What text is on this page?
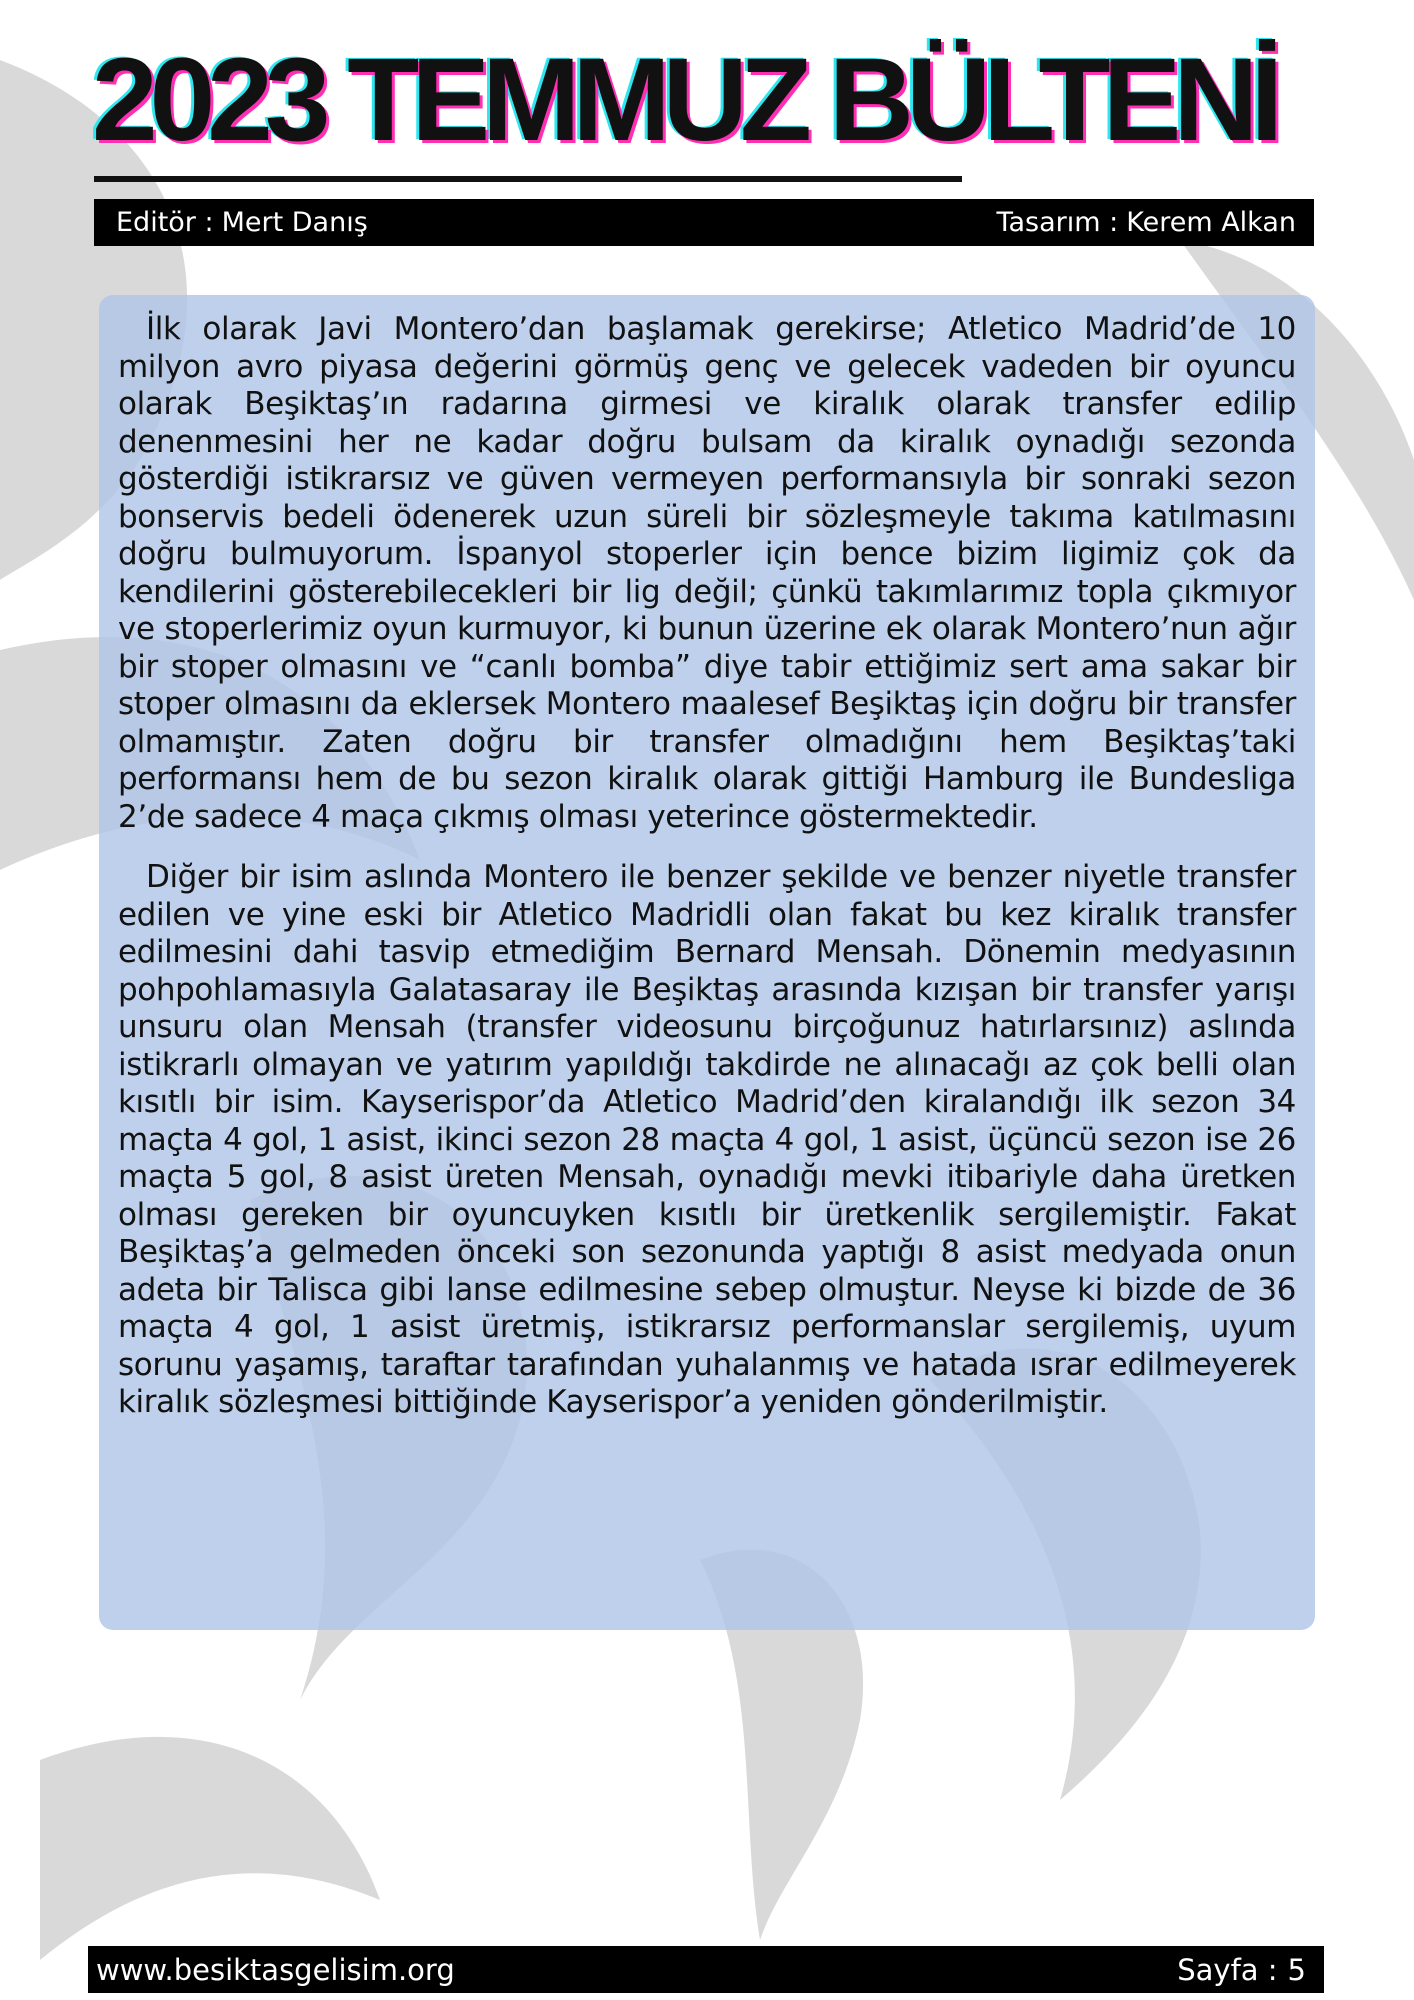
2023 TEMMUZ BÜLTENİ
Editör : Mert Danış	Tasarım : Kerem Alkan

İlk olarak Javi Montero’dan başlamak gerekirse; Atletico Madrid’de 10 milyon avro piyasa değerini görmüş genç ve gelecek vadeden bir oyuncu olarak Beşiktaş’ın radarına girmesi ve kiralık olarak transfer edilip denenmesini her ne kadar doğru bulsam da kiralık oynadığı sezonda gösterdiği istikrarsız ve güven vermeyen performansıyla bir sonraki sezon bonservis bedeli ödenerek uzun süreli bir sözleşmeyle takıma katılmasını doğru bulmuyorum. İspanyol stoperler için bence bizim ligimiz çok da kendilerini gösterebilecekleri bir lig değil; çünkü takımlarımız topla çıkmıyor ve stoperlerimiz oyun kurmuyor, ki bunun üzerine ek olarak Montero’nun ağır bir stoper olmasını ve “canlı bomba” diye tabir ettiğimiz sert ama sakar bir stoper olmasını da eklersek Montero maalesef Beşiktaş için doğru bir transfer olmamıştır. Zaten doğru bir transfer olmadığını hem Beşiktaş’taki performansı hem de bu sezon kiralık olarak gittiği Hamburg ile Bundesliga 2’de sadece 4 maça çıkmış olması yeterince göstermektedir.

Diğer bir isim aslında Montero ile benzer şekilde ve benzer niyetle transfer edilen ve yine eski bir Atletico Madridli olan fakat bu kez kiralık transfer edilmesini dahi tasvip etmediğim Bernard Mensah. Dönemin medyasının pohpohlamasıyla Galatasaray ile Beşiktaş arasında kızışan bir transfer yarışı unsuru olan Mensah (transfer videosunu birçoğunuz hatırlarsınız) aslında istikrarlı olmayan ve yatırım yapıldığı takdirde ne alınacağı az çok belli olan kısıtlı bir isim. Kayserispor’da Atletico Madrid’den kiralandığı ilk sezon 34 maçta 4 gol, 1 asist, ikinci sezon 28 maçta 4 gol, 1 asist, üçüncü sezon ise 26 maçta 5 gol, 8 asist üreten Mensah, oynadığı mevki itibariyle daha üretken olması gereken bir oyuncuyken kısıtlı bir üretkenlik sergilemiştir. Fakat Beşiktaş’a gelmeden önceki son sezonunda yaptığı 8 asist medyada onun adeta bir Talisca gibi lanse edilmesine sebep olmuştur. Neyse ki bizde de 36 maçta 4 gol, 1 asist üretmiş, istikrarsız performanslar sergilemiş, uyum sorunu yaşamış, taraftar tarafından yuhalanmış ve hatada ısrar edilmeyerek kiralık sözleşmesi bittiğinde Kayserispor’a yeniden gönderilmiştir.

www.besiktasgelisim.org	Sayfa : 5
